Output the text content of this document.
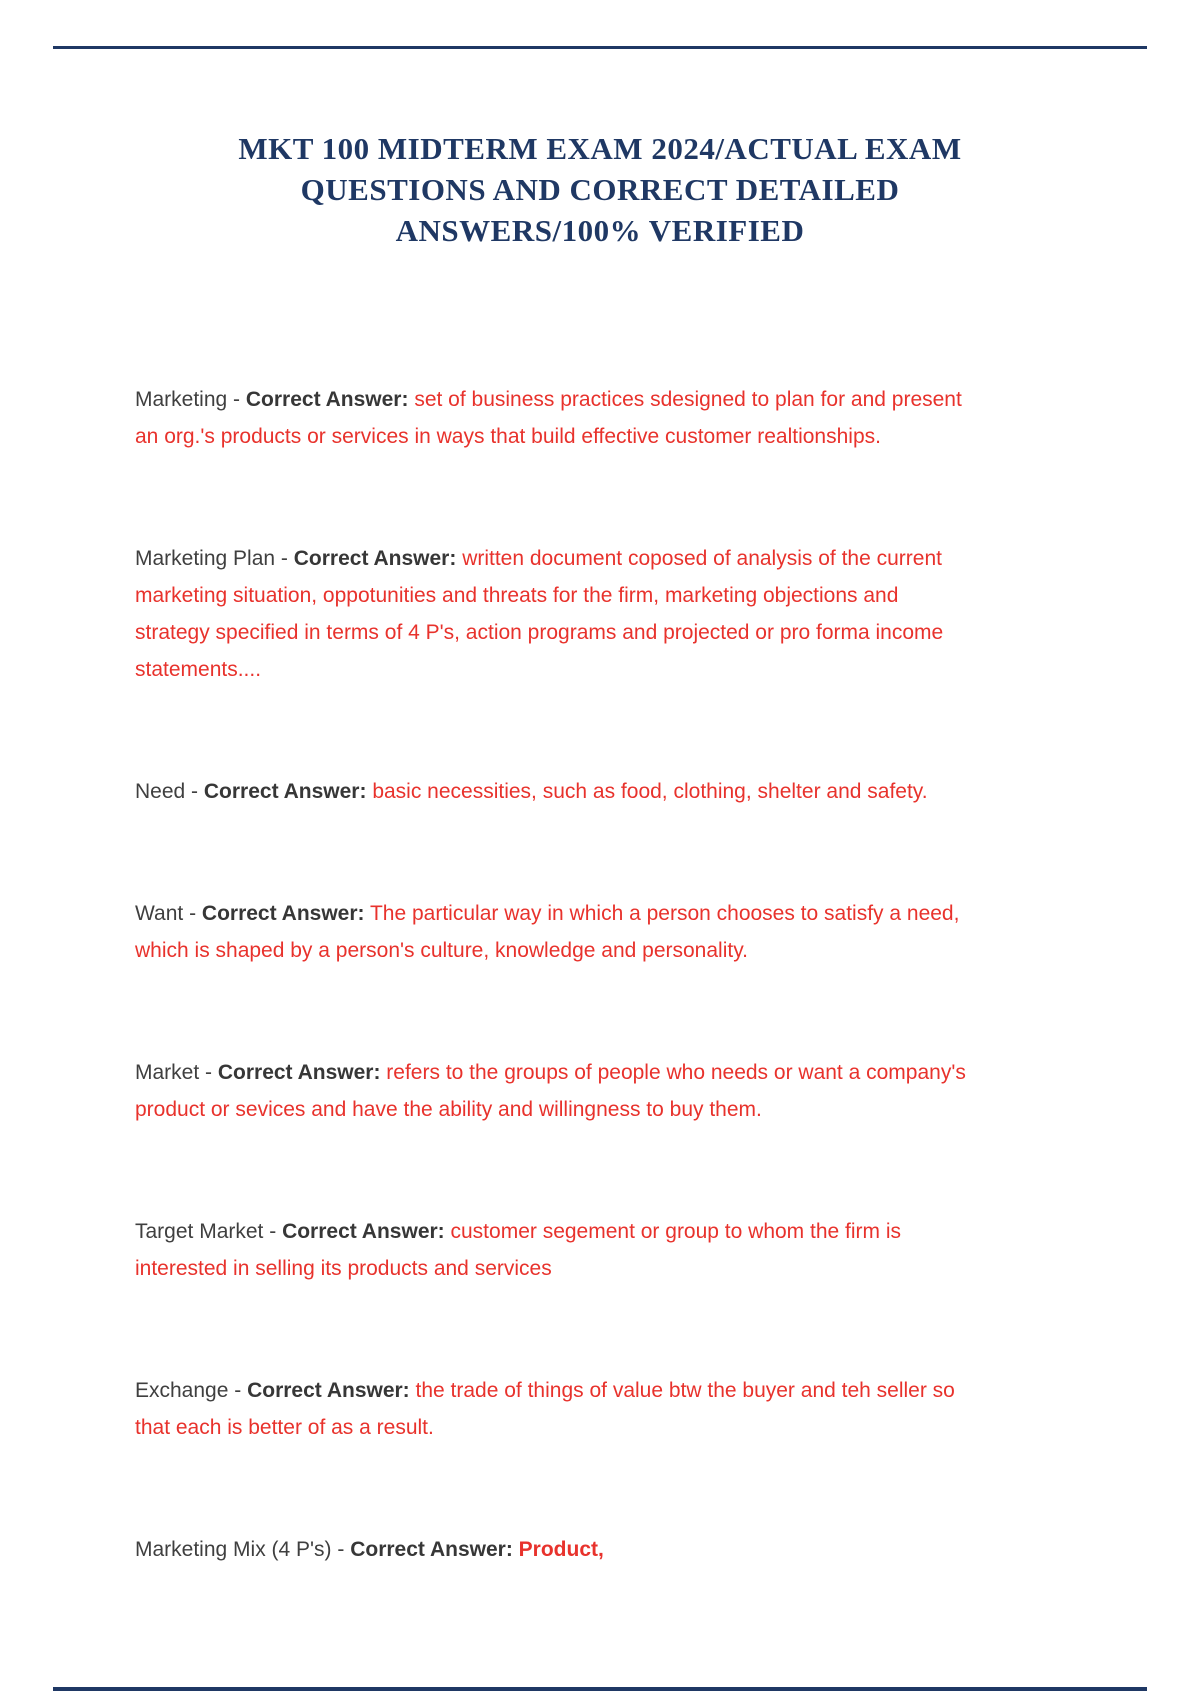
MKT 100 MIDTERM EXAM 2024/ACTUAL EXAM
QUESTIONS AND CORRECT DETAILED
ANSWERS/100% VERIFIED

Marketing - Correct Answer: set of business practices sdesigned to plan for and present an org.'s products or services in ways that build effective customer realtionships.

Marketing Plan - Correct Answer: written document coposed of analysis of the current marketing situation, oppotunities and threats for the firm, marketing objections and strategy specified in terms of 4 P's, action programs and projected or pro forma income statements....

Need - Correct Answer: basic necessities, such as food, clothing, shelter and safety.

Want - Correct Answer: The particular way in which a person chooses to satisfy a need, which is shaped by a person's culture, knowledge and personality.

Market - Correct Answer: refers to the groups of people who needs or want a company's product or sevices and have the ability and willingness to buy them.

Target Market - Correct Answer: customer segement or group to whom the firm is interested in selling its products and services

Exchange - Correct Answer: the trade of things of value btw the buyer and teh seller so that each is better of as a result.

Marketing Mix (4 P's) - Correct Answer: Product,
